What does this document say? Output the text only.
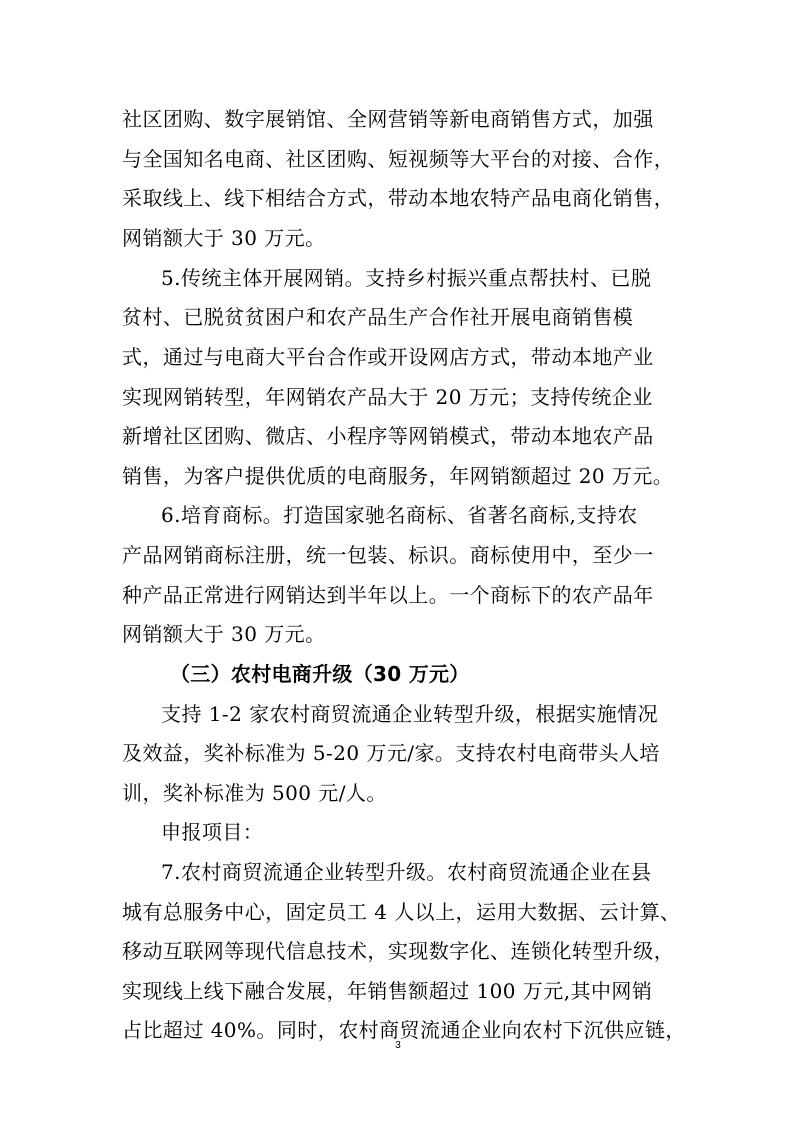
社区团购、数字展销馆、全网营销等新电商销售方式，加强
与全国知名电商、社区团购、短视频等大平台的对接、合作，
采取线上、线下相结合方式，带动本地农特产品电商化销售，
网销额大于 30 万元。
5.传统主体开展网销。支持乡村振兴重点帮扶村、已脱
贫村、已脱贫贫困户和农产品生产合作社开展电商销售模
式，通过与电商大平台合作或开设网店方式，带动本地产业
实现网销转型，年网销农产品大于 20 万元；支持传统企业
新增社区团购、微店、小程序等网销模式，带动本地农产品
销售，为客户提供优质的电商服务，年网销额超过 20 万元。
6.培育商标。打造国家驰名商标、省著名商标,支持农
产品网销商标注册，统一包装、标识。商标使用中，至少一
种产品正常进行网销达到半年以上。一个商标下的农产品年
网销额大于 30 万元。
（三）农村电商升级（30 万元）
支持 1-2 家农村商贸流通企业转型升级，根据实施情况
及效益，奖补标准为 5-20 万元/家。支持农村电商带头人培
训，奖补标准为 500 元/人。
申报项目：
7.农村商贸流通企业转型升级。农村商贸流通企业在县
城有总服务中心，固定员工 4 人以上，运用大数据、云计算、
移动互联网等现代信息技术，实现数字化、连锁化转型升级，
实现线上线下融合发展，年销售额超过 100 万元,其中网销
占比超过 40%。同时，农村商贸流通企业向农村下沉供应链，
3
